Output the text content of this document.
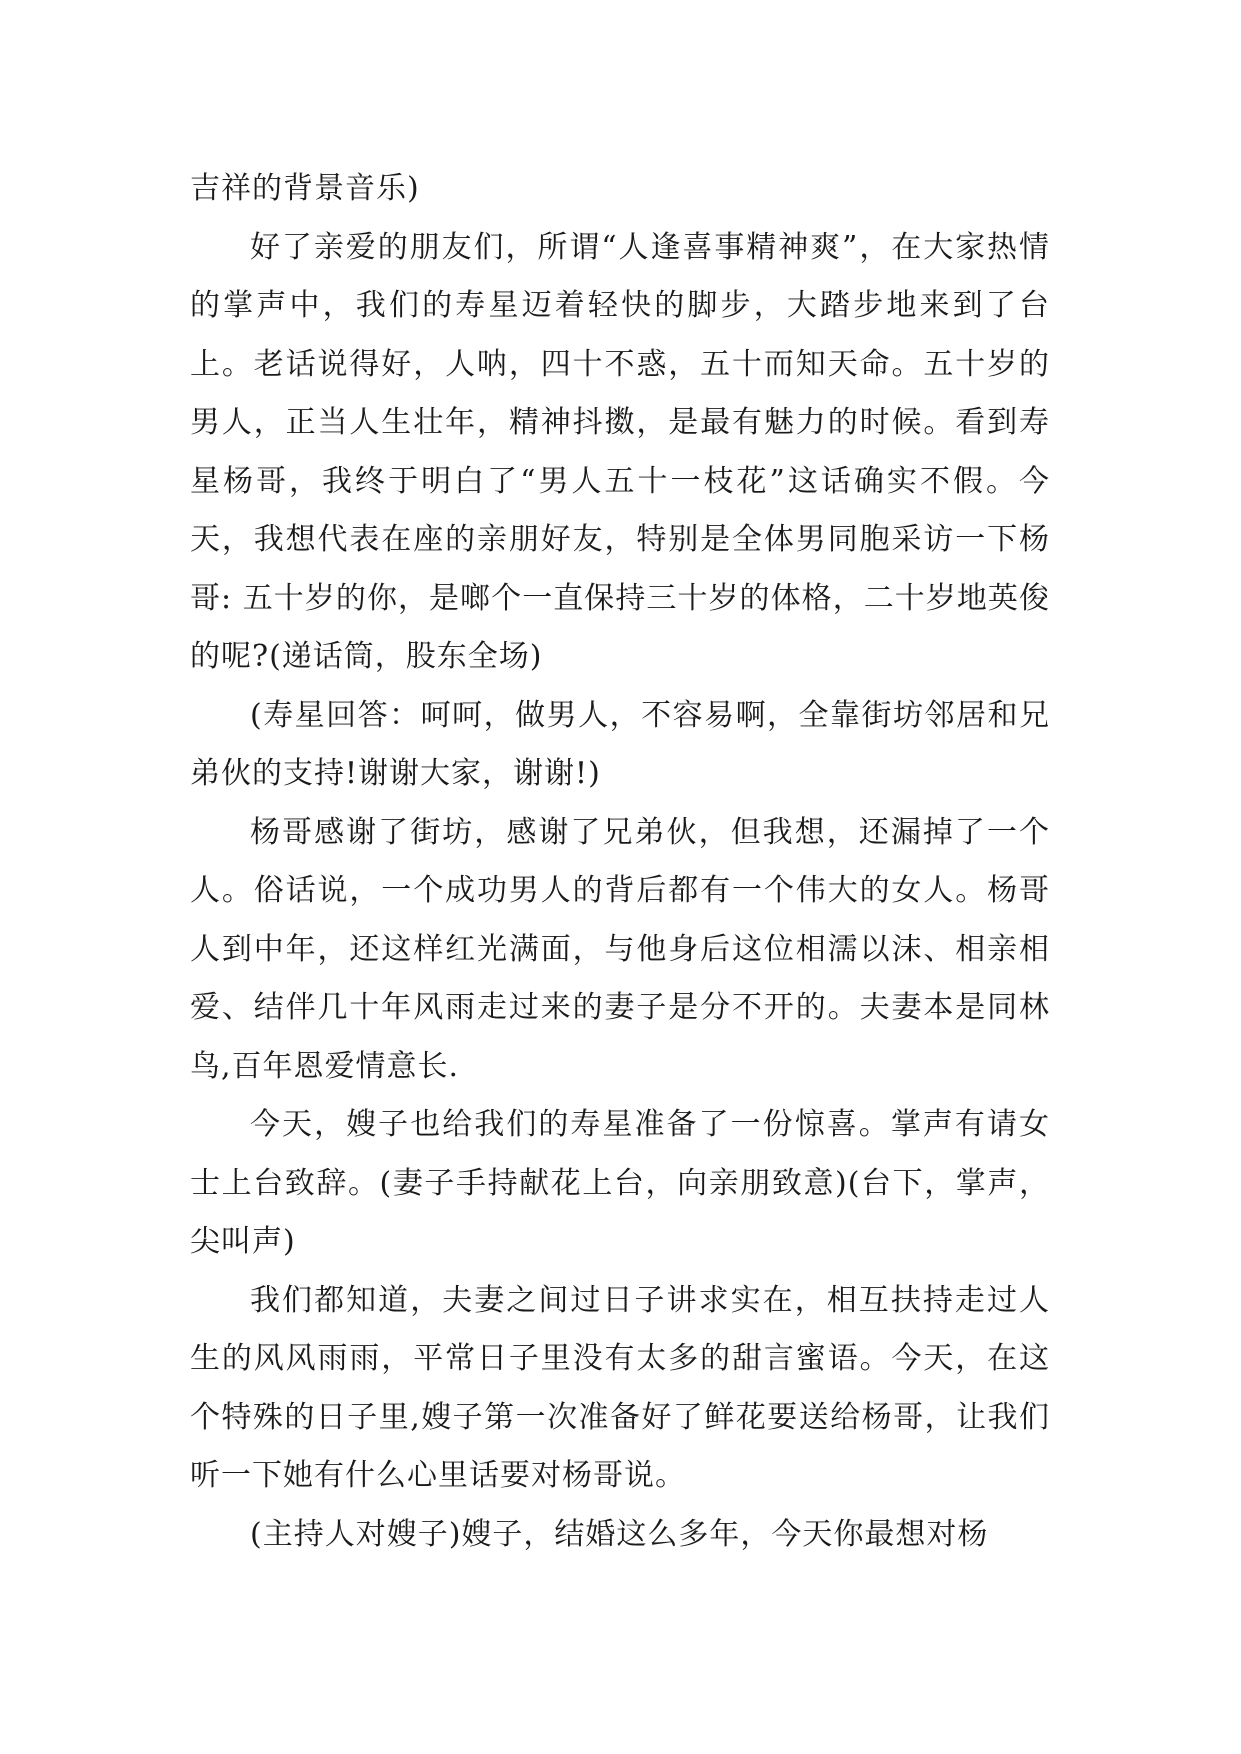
吉祥的背景音乐)

好了亲爱的朋友们，所谓“人逢喜事精神爽”，在大家热情的掌声中，我们的寿星迈着轻快的脚步，大踏步地来到了台上。老话说得好，人呐，四十不惑，五十而知天命。五十岁的男人，正当人生壮年，精神抖擞，是最有魅力的时候。看到寿星杨哥，我终于明白了“男人五十一枝花”这话确实不假。今天，我想代表在座的亲朋好友，特别是全体男同胞采访一下杨哥: 五十岁的你，是啷个一直保持三十岁的体格，二十岁地英俊的呢?(递话筒，股东全场)

(寿星回答：呵呵，做男人，不容易啊，全靠街坊邻居和兄弟伙的支持!谢谢大家，谢谢!)

杨哥感谢了街坊，感谢了兄弟伙，但我想，还漏掉了一个人。俗话说，一个成功男人的背后都有一个伟大的女人。杨哥人到中年，还这样红光满面，与他身后这位相濡以沫、相亲相爱、结伴几十年风雨走过来的妻子是分不开的。夫妻本是同林鸟,百年恩爱情意长.

今天，嫂子也给我们的寿星准备了一份惊喜。掌声有请女士上台致辞。(妻子手持献花上台，向亲朋致意)(台下，掌声，尖叫声)

我们都知道，夫妻之间过日子讲求实在，相互扶持走过人生的风风雨雨，平常日子里没有太多的甜言蜜语。今天，在这个特殊的日子里,嫂子第一次准备好了鲜花要送给杨哥，让我们听一下她有什么心里话要对杨哥说。

(主持人对嫂子)嫂子，结婚这么多年，今天你最想对杨
